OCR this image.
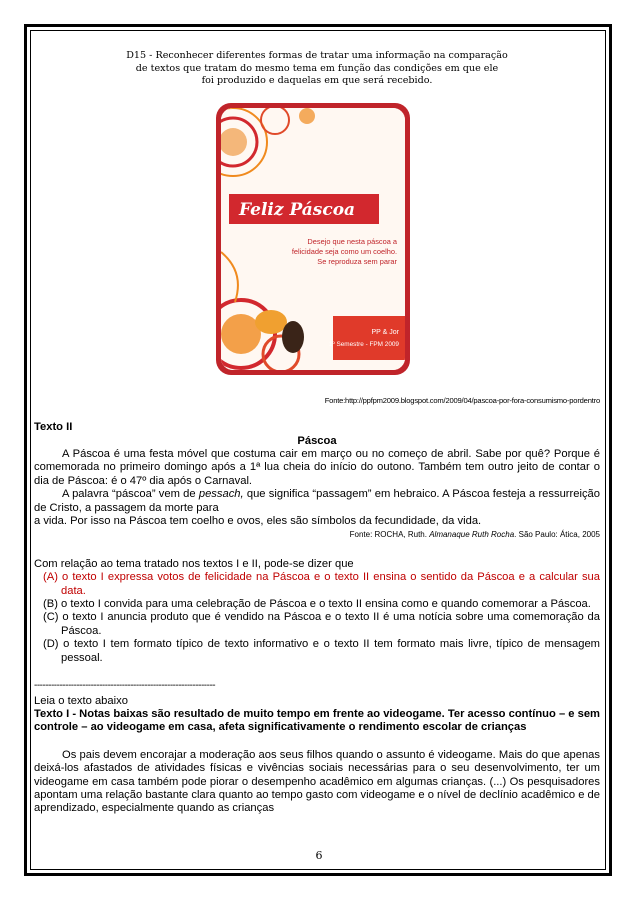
D15 - Reconhecer diferentes formas de tratar uma informação na comparação
de textos que tratam do mesmo tema em função das condições em que ele
foi produzido e daquelas em que será recebido.
Feliz Páscoa
Desejo que nesta páscoa a
felicidade seja como um coelho.
Se reproduza sem parar
PP & Jor
1º Semestre - FPM 2009
Fonte:http://ppfpm2009.blogspot.com/2009/04/pascoa-por-fora-consumismo-pordentro
Texto II
Páscoa

A Páscoa é uma festa móvel que costuma cair em março ou no começo de abril. Sabe por quê? Porque é comemorada no primeiro domingo após a 1ª lua cheia do início do outono. Também tem outro jeito de contar o dia de Páscoa: é o 47º dia após o Carnaval.

A palavra “páscoa” vem de pessach, que significa “passagem” em hebraico. A Páscoa festeja a ressurreição de Cristo, a passagem da morte para

a vida. Por isso na Páscoa tem coelho e ovos, eles são símbolos da fecundidade, da vida.

Fonte: ROCHA, Ruth. Almanaque Ruth Rocha. São Paulo: Ática, 2005
Com relação ao tema tratado nos textos I e II, pode-se dizer que
(A) o texto I expressa votos de felicidade na Páscoa e o texto II ensina o sentido da Páscoa e a calcular sua data.
(B) o texto I convida para uma celebração de Páscoa e o texto II ensina como e quando comemorar a Páscoa.
(C) o texto I anuncia produto que é vendido na Páscoa e o texto II é uma notícia sobre uma comemoração da Páscoa.
(D) o texto I tem formato típico de texto informativo e o texto II tem formato mais livre, típico de mensagem pessoal.
----------------------------------------------------------------
Leia o texto abaixo
Texto I - Notas baixas são resultado de muito tempo em frente ao videogame. Ter acesso contínuo – e sem controle – ao videogame em casa, afeta significativamente o rendimento escolar de crianças

Os pais devem encorajar a moderação aos seus filhos quando o assunto é videogame. Mais do que apenas deixá-los afastados de atividades físicas e vivências sociais necessárias para o seu desenvolvimento, ter um videogame em casa também pode piorar o desempenho acadêmico em algumas crianças. (...) Os pesquisadores apontam uma relação bastante clara quanto ao tempo gasto com videogame e o nível de declínio acadêmico e de aprendizado, especialmente quando as crianças

6
